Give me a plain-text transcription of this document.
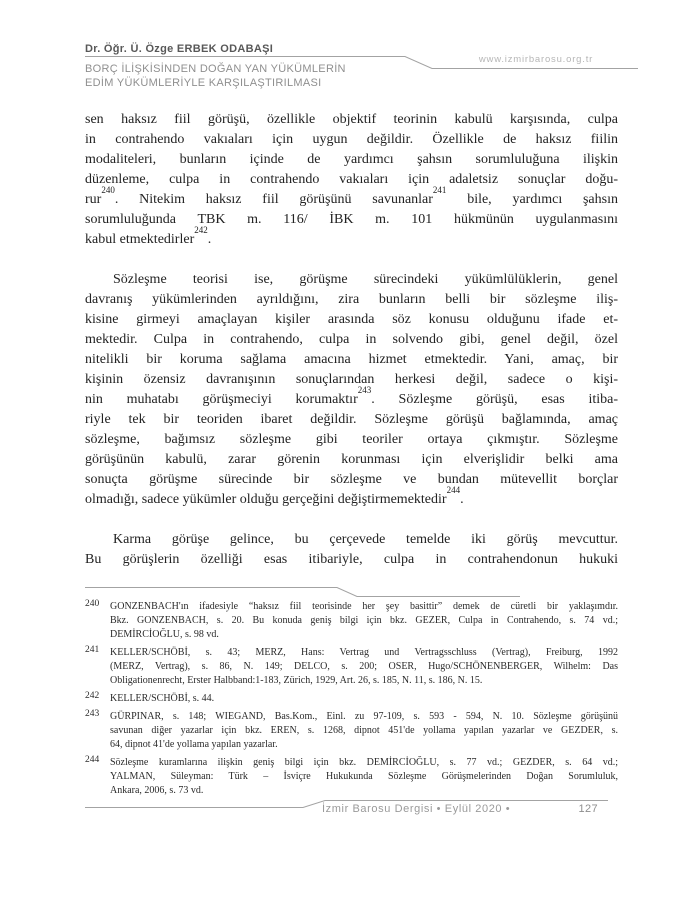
Dr. Öğr. Ü. Özge ERBEK ODABAŞI
www.izmirbarosu.org.tr
BORÇ İLİŞKİSİNDEN DOĞAN YAN YÜKÜMLERİN
EDİM YÜKÜMLERİYLE KARŞILAŞTIRILMASI
sen haksız fiil görüşü, özellikle objektif teorinin kabulü karşısında, culpa
in contrahendo vakıaları için uygun değildir. Özellikle de haksız fiilin
modaliteleri, bunların içinde de yardımcı şahsın sorumluluğuna ilişkin
düzenleme, culpa in contrahendo vakıaları için adaletsiz sonuçlar doğu-
rur$^{240}$. Nitekim haksız fiil görüşünü savunanlar$^{241}$ bile, yardımcı şahsın
sorumluluğunda TBK m. 116/ İBK m. 101 hükmünün uygulanmasını
kabul etmektedirler$^{242}$.
Sözleşme teorisi ise, görüşme sürecindeki yükümlülüklerin, genel
davranış yükümlerinden ayrıldığını, zira bunların belli bir sözleşme iliş-
kisine girmeyi amaçlayan kişiler arasında söz konusu olduğunu ifade et-
mektedir. Culpa in contrahendo, culpa in solvendo gibi, genel değil, özel
nitelikli bir koruma sağlama amacına hizmet etmektedir. Yani, amaç, bir
kişinin özensiz davranışının sonuçlarından herkesi değil, sadece o kişi-
nin muhatabı görüşmeciyi korumaktır$^{243}$. Sözleşme görüşü, esas itiba-
riyle tek bir teoriden ibaret değildir. Sözleşme görüşü bağlamında, amaç
sözleşme, bağımsız sözleşme gibi teoriler ortaya çıkmıştır. Sözleşme
görüşünün kabulü, zarar görenin korunması için elverişlidir belki ama
sonuçta görüşme sürecinde bir sözleşme ve bundan mütevellit borçlar
olmadığı, sadece yükümler olduğu gerçeğini değiştirmemektedir$^{244}$.
Karma görüşe gelince, bu çerçevede temelde iki görüş mevcuttur.
Bu görüşlerin özelliği esas itibariyle, culpa in contrahendonun hukuki
240 GONZENBACH'ın ifadesiyle “haksız fiil teorisinde her şey basittir” demek de cüretli bir yaklaşımdır.
Bkz. GONZENBACH, s. 20. Bu konuda geniş bilgi için bkz. GEZER, Culpa in Contrahendo, s. 74 vd.;
DEMİRCİOĞLU, s. 98 vd.
241 KELLER/SCHÖBİ, s. 43; MERZ, Hans: Vertrag und Vertragsschluss (Vertrag), Freiburg, 1992
(MERZ, Vertrag), s. 86, N. 149; DELCO, s. 200; OSER, Hugo/SCHÖNENBERGER, Wilhelm: Das
Obligationenrecht, Erster Halbband:1-183, Zürich, 1929, Art. 26, s. 185, N. 11, s. 186, N. 15.
242 KELLER/SCHÖBİ, s. 44.
243 GÜRPINAR, s. 148; WIEGAND, Bas.Kom., Einl. zu 97-109, s. 593 - 594, N. 10. Sözleşme görüşünü
savunan diğer yazarlar için bkz. EREN, s. 1268, dipnot 451'de yollama yapılan yazarlar ve GEZDER, s.
64, dipnot 41'de yollama yapılan yazarlar.
244 Sözleşme kuramlarına ilişkin geniş bilgi için bkz. DEMİRCİOĞLU, s. 77 vd.; GEZDER, s. 64 vd.;
YALMAN, Süleyman: Türk – İsviçre Hukukunda Sözleşme Görüşmelerinden Doğan Sorumluluk,
Ankara, 2006, s. 73 vd.
İzmir Barosu Dergisi • Eylül 2020 •	127
